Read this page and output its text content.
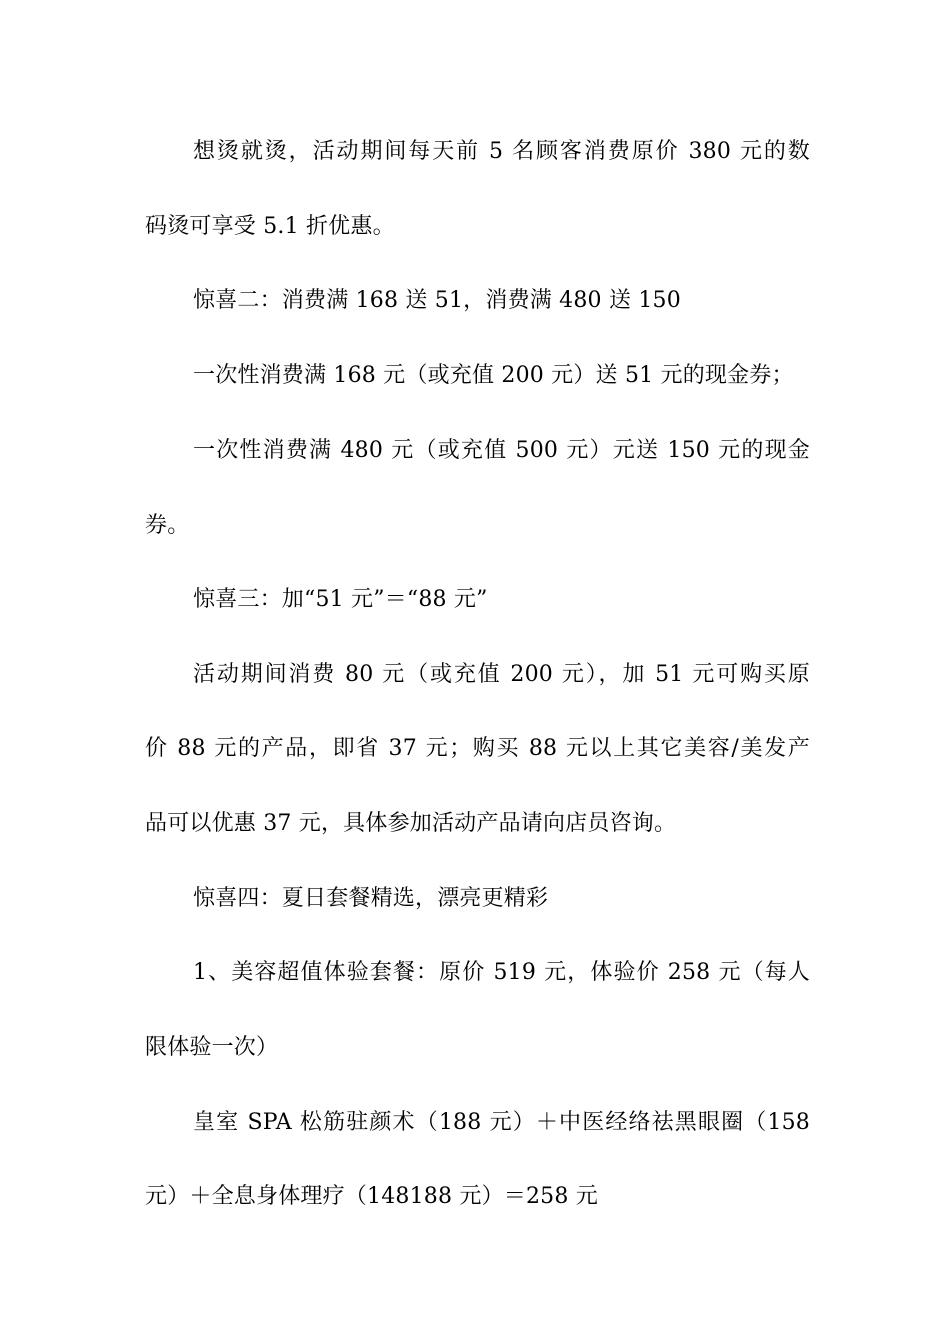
想烫就烫，活动期间每天前 5 名顾客消费原价 380 元的数
码烫可享受 5.1 折优惠。
惊喜二：消费满 168 送 51，消费满 480 送 150
一次性消费满 168 元（或充值 200 元）送 51 元的现金券；
一次性消费满 480 元（或充值 500 元）元送 150 元的现金
券。
惊喜三：加“51 元”＝“88 元”
活动期间消费 80 元（或充值 200 元），加 51 元可购买原
价 88 元的产品，即省 37 元；购买 88 元以上其它美容/美发产
品可以优惠 37 元，具体参加活动产品请向店员咨询。
惊喜四：夏日套餐精选，漂亮更精彩
1、美容超值体验套餐：原价 519 元，体验价 258 元（每人
限体验一次）
皇室 SPA 松筋驻颜术（188 元）＋中医经络祛黑眼圈（158
元）＋全息身体理疗（148188 元）＝258 元
